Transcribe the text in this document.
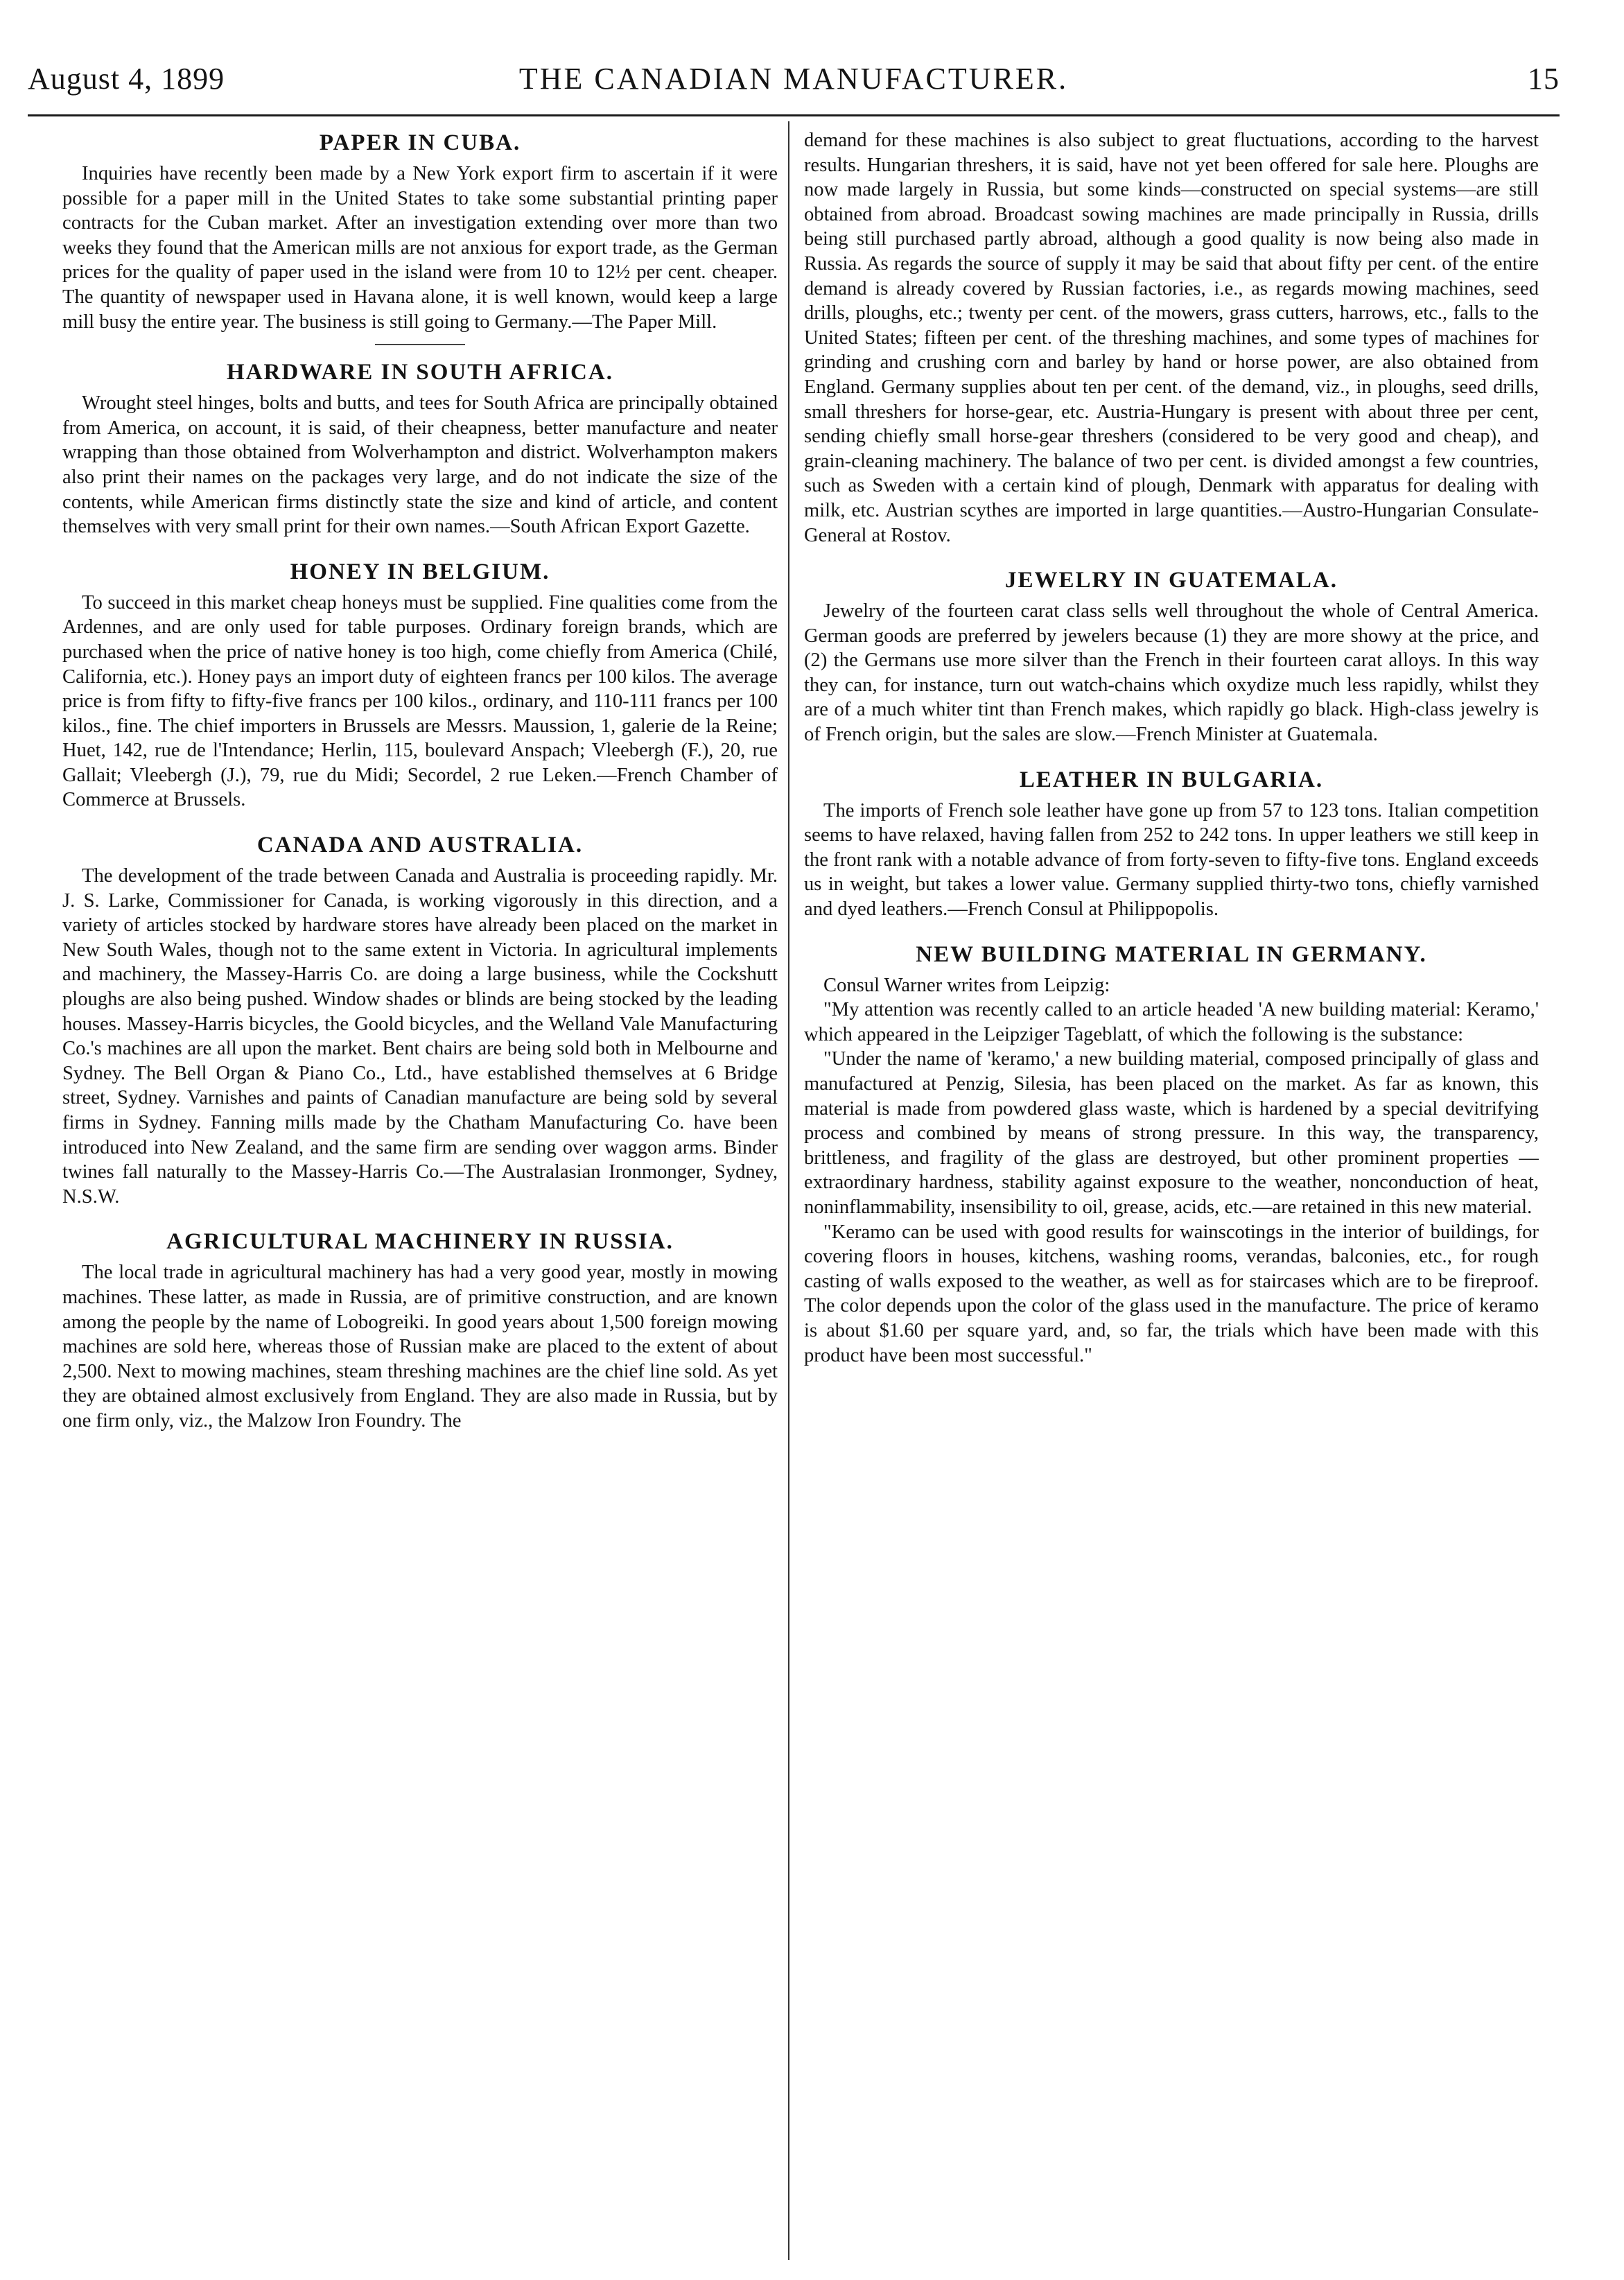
August 4, 1899	THE CANADIAN MANUFACTURER.	15
PAPER IN CUBA.

Inquiries have recently been made by a New York export firm to ascertain if it were possible for a paper mill in the United States to take some substantial printing paper contracts for the Cuban market. After an investigation extending over more than two weeks they found that the American mills are not anxious for export trade, as the German prices for the quality of paper used in the island were from 10 to 12½ per cent. cheaper. The quantity of newspaper used in Havana alone, it is well known, would keep a large mill busy the entire year. The business is still going to Germany.—The Paper Mill.

HARDWARE IN SOUTH AFRICA.

Wrought steel hinges, bolts and butts, and tees for South Africa are principally obtained from America, on account, it is said, of their cheapness, better manufacture and neater wrapping than those obtained from Wolverhampton and district. Wolverhampton makers also print their names on the packages very large, and do not indicate the size of the contents, while American firms distinctly state the size and kind of article, and content themselves with very small print for their own names.—South African Export Gazette.

HONEY IN BELGIUM.

To succeed in this market cheap honeys must be supplied. Fine qualities come from the Ardennes, and are only used for table purposes. Ordinary foreign brands, which are purchased when the price of native honey is too high, come chiefly from America (Chilé, California, etc.). Honey pays an import duty of eighteen francs per 100 kilos. The average price is from fifty to fifty-five francs per 100 kilos., ordinary, and 110-111 francs per 100 kilos., fine. The chief importers in Brussels are Messrs. Maussion, 1, galerie de la Reine; Huet, 142, rue de l'Intendance; Herlin, 115, boulevard Anspach; Vleebergh (F.), 20, rue Gallait; Vleebergh (J.), 79, rue du Midi; Secordel, 2 rue Leken.—French Chamber of Commerce at Brussels.

CANADA AND AUSTRALIA.

The development of the trade between Canada and Australia is proceeding rapidly. Mr. J. S. Larke, Commissioner for Canada, is working vigorously in this direction, and a variety of articles stocked by hardware stores have already been placed on the market in New South Wales, though not to the same extent in Victoria. In agricultural implements and machinery, the Massey-Harris Co. are doing a large business, while the Cockshutt ploughs are also being pushed. Window shades or blinds are being stocked by the leading houses. Massey-Harris bicycles, the Goold bicycles, and the Welland Vale Manufacturing Co.'s machines are all upon the market. Bent chairs are being sold both in Melbourne and Sydney. The Bell Organ & Piano Co., Ltd., have established themselves at 6 Bridge street, Sydney. Varnishes and paints of Canadian manufacture are being sold by several firms in Sydney. Fanning mills made by the Chatham Manufacturing Co. have been introduced into New Zealand, and the same firm are sending over waggon arms. Binder twines fall naturally to the Massey-Harris Co.—The Australasian Ironmonger, Sydney, N.S.W.

AGRICULTURAL MACHINERY IN RUSSIA.

The local trade in agricultural machinery has had a very good year, mostly in mowing machines. These latter, as made in Russia, are of primitive construction, and are known among the people by the name of Lobogreiki. In good years about 1,500 foreign mowing machines are sold here, whereas those of Russian make are placed to the extent of about 2,500. Next to mowing machines, steam threshing machines are the chief line sold. As yet they are obtained almost exclusively from England. They are also made in Russia, but by one firm only, viz., the Malzow Iron Foundry. The

demand for these machines is also subject to great fluctuations, according to the harvest results. Hungarian threshers, it is said, have not yet been offered for sale here. Ploughs are now made largely in Russia, but some kinds—constructed on special systems—are still obtained from abroad. Broadcast sowing machines are made principally in Russia, drills being still purchased partly abroad, although a good quality is now being also made in Russia. As regards the source of supply it may be said that about fifty per cent. of the entire demand is already covered by Russian factories, i.e., as regards mowing machines, seed drills, ploughs, etc.; twenty per cent. of the mowers, grass cutters, harrows, etc., falls to the United States; fifteen per cent. of the threshing machines, and some types of machines for grinding and crushing corn and barley by hand or horse power, are also obtained from England. Germany supplies about ten per cent. of the demand, viz., in ploughs, seed drills, small threshers for horse-gear, etc. Austria-Hungary is present with about three per cent, sending chiefly small horse-gear threshers (considered to be very good and cheap), and grain-cleaning machinery. The balance of two per cent. is divided amongst a few countries, such as Sweden with a certain kind of plough, Denmark with apparatus for dealing with milk, etc. Austrian scythes are imported in large quantities.—Austro-Hungarian Consulate-General at Rostov.

JEWELRY IN GUATEMALA.

Jewelry of the fourteen carat class sells well throughout the whole of Central America. German goods are preferred by jewelers because (1) they are more showy at the price, and (2) the Germans use more silver than the French in their fourteen carat alloys. In this way they can, for instance, turn out watch-chains which oxydize much less rapidly, whilst they are of a much whiter tint than French makes, which rapidly go black. High-class jewelry is of French origin, but the sales are slow.—French Minister at Guatemala.

LEATHER IN BULGARIA.

The imports of French sole leather have gone up from 57 to 123 tons. Italian competition seems to have relaxed, having fallen from 252 to 242 tons. In upper leathers we still keep in the front rank with a notable advance of from forty-seven to fifty-five tons. England exceeds us in weight, but takes a lower value. Germany supplied thirty-two tons, chiefly varnished and dyed leathers.—French Consul at Philippopolis.

NEW BUILDING MATERIAL IN GERMANY.

Consul Warner writes from Leipzig:

"My attention was recently called to an article headed 'A new building material: Keramo,' which appeared in the Leipziger Tageblatt, of which the following is the substance:

"Under the name of 'keramo,' a new building material, composed principally of glass and manufactured at Penzig, Silesia, has been placed on the market. As far as known, this material is made from powdered glass waste, which is hardened by a special devitrifying process and combined by means of strong pressure. In this way, the transparency, brittleness, and fragility of the glass are destroyed, but other prominent properties — extraordinary hardness, stability against exposure to the weather, nonconduction of heat, noninflammability, insensibility to oil, grease, acids, etc.—are retained in this new material.

"Keramo can be used with good results for wainscotings in the interior of buildings, for covering floors in houses, kitchens, washing rooms, verandas, balconies, etc., for rough casting of walls exposed to the weather, as well as for staircases which are to be fireproof. The color depends upon the color of the glass used in the manufacture. The price of keramo is about $1.60 per square yard, and, so far, the trials which have been made with this product have been most successful."
